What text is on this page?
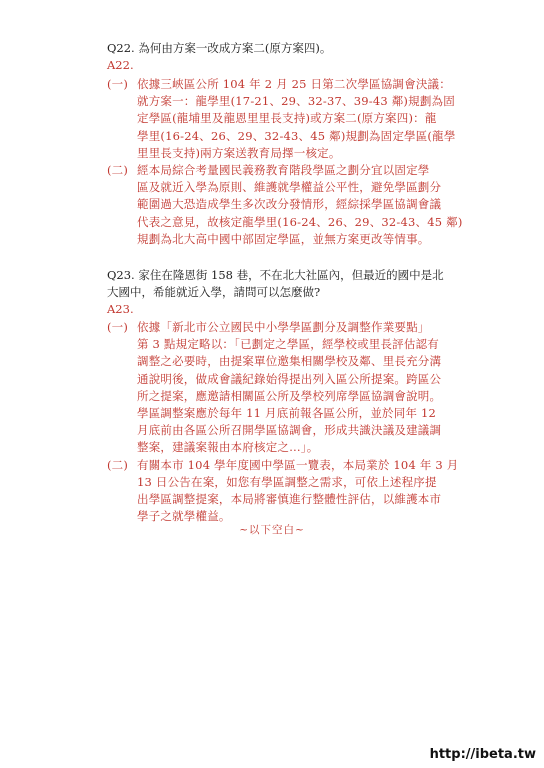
Q22. 為何由方案一改成方案二(原方案四)。
A22.
(一) 依據三峽區公所 104 年 2 月 25 日第二次學區協調會決議：
就方案一：龍學里(17-21、29、32-37、39-43 鄰)規劃為固
定學區(龍埔里及龍恩里里長支持)或方案二(原方案四)：龍
學里(16-24、26、29、32-43、45 鄰)規劃為固定學區(龍學
里里長支持)兩方案送教育局擇一核定。
(二) 經本局綜合考量國民義務教育階段學區之劃分宜以固定學
區及就近入學為原則、維護就學權益公平性，避免學區劃分
範圍過大恐造成學生多次改分發情形，經綜採學區協調會議
代表之意見，故核定龍學里(16-24、26、29、32-43、45 鄰)
規劃為北大高中國中部固定學區，並無方案更改等情事。
Q23. 家住在隆恩街 158 巷，不在北大社區內，但最近的國中是北
大國中，希能就近入學，請問可以怎麼做?
A23.
(一) 依據「新北市公立國民中小學學區劃分及調整作業要點」
第 3 點規定略以：「已劃定之學區，經學校或里長評估認有
調整之必要時，由提案單位邀集相關學校及鄰、里長充分溝
通說明後，做成會議紀錄始得提出列入區公所提案。跨區公
所之提案，應邀請相關區公所及學校列席學區協調會說明。
學區調整案應於每年 11 月底前報各區公所，並於同年 12
月底前由各區公所召開學區協調會，形成共識決議及建議調
整案，建議案報由本府核定之…」。
(二) 有關本市 104 學年度國中學區一覽表，本局業於 104 年 3 月
13 日公告在案，如您有學區調整之需求，可依上述程序提
出學區調整提案，本局將審慎進行整體性評估，以維護本市
學子之就學權益。
~以下空白~
http://ibeta.tw
